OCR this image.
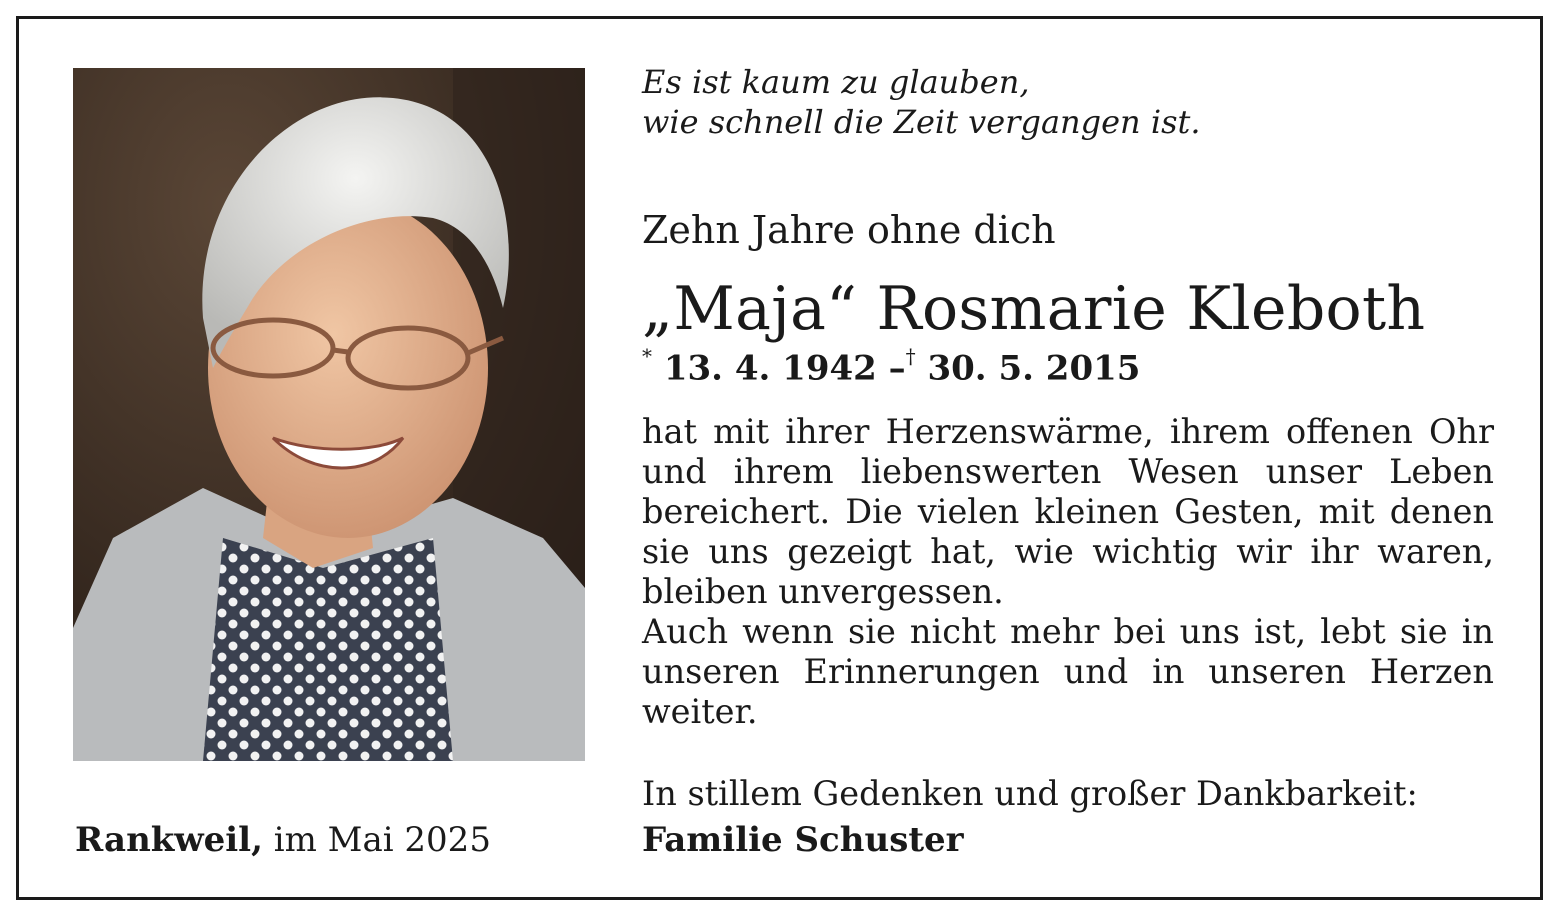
Es ist kaum zu glauben,
wie schnell die Zeit vergangen ist.

Zehn Jahre ohne dich

„Maja“ Rosmarie Kleboth
* 13. 4. 1942 –† 30. 5. 2015
hat mit ihrer Herzenswärme, ihrem offenen Ohr und ihrem liebenswerten Wesen unser Leben bereichert. Die vielen kleinen Gesten, mit denen sie uns gezeigt hat, wie wichtig wir ihr waren, bleiben unvergessen.
Auch wenn sie nicht mehr bei uns ist, lebt sie in unseren Erinnerungen und in unseren Herzen weiter.
In stillem Gedenken und großer Dankbarkeit:
Familie Schuster
Rankweil, im Mai 2025
